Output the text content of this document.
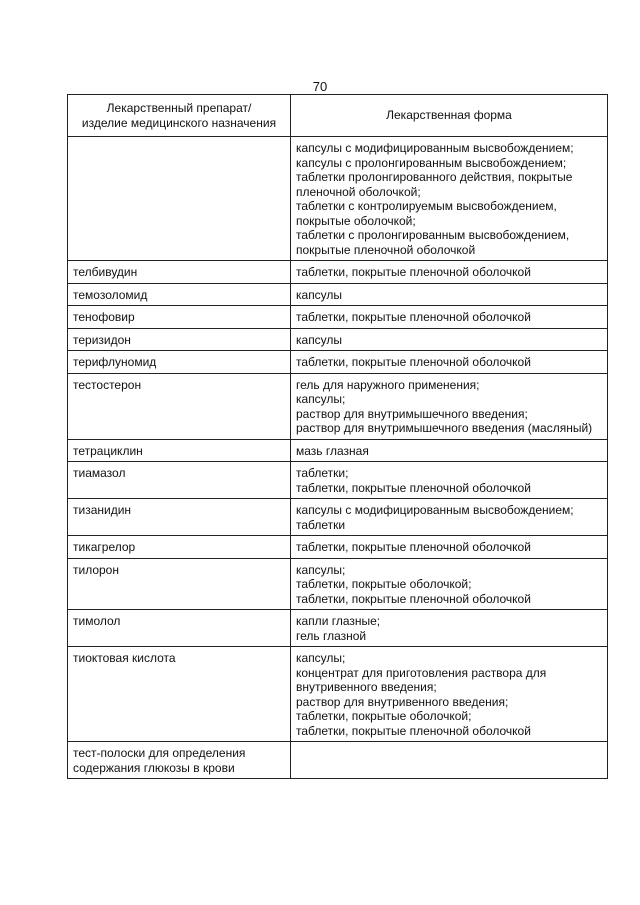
70
Лекарственный препарат/
изделие медицинского назначения	Лекарственная форма
	капсулы с модифицированным высвобождением;
капсулы с пролонгированным высвобождением;
таблетки пролонгированного действия, покрытые пленочной оболочкой;
таблетки с контролируемым высвобождением, покрытые оболочкой;
таблетки с пролонгированным высвобождением, покрытые пленочной оболочкой
телбивудин	таблетки, покрытые пленочной оболочкой
темозоломид	капсулы
тенофовир	таблетки, покрытые пленочной оболочкой
теризидон	капсулы
терифлуномид	таблетки, покрытые пленочной оболочкой
тестостерон	гель для наружного применения;
капсулы;
раствор для внутримышечного введения;
раствор для внутримышечного введения (масляный)
тетрациклин	мазь глазная
тиамазол	таблетки;
таблетки, покрытые пленочной оболочкой
тизанидин	капсулы с модифицированным высвобождением;
таблетки
тикагрелор	таблетки, покрытые пленочной оболочкой
тилорон	капсулы;
таблетки, покрытые оболочкой;
таблетки, покрытые пленочной оболочкой
тимолол	капли глазные;
гель глазной
тиоктовая кислота	капсулы;
концентрат для приготовления раствора для внутривенного введения;
раствор для внутривенного введения;
таблетки, покрытые оболочкой;
таблетки, покрытые пленочной оболочкой
тест-полоски для определения содержания глюкозы в крови	
